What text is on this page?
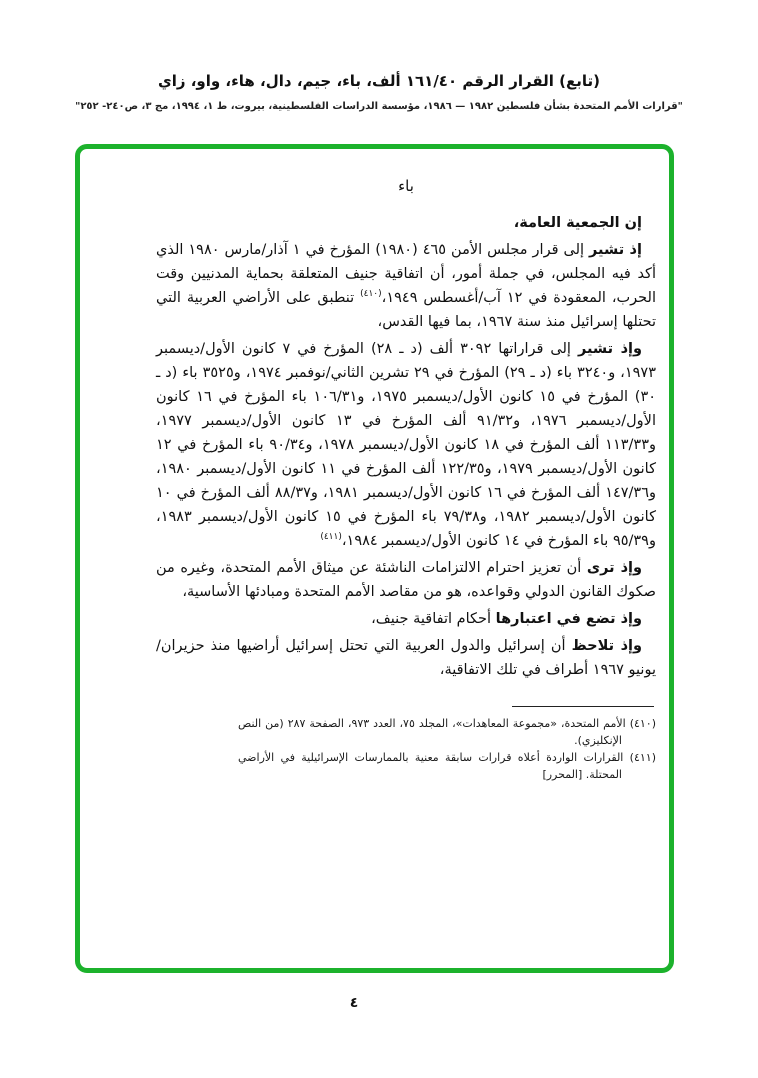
(تابع) القرار الرقم ١٦١/٤٠ ألف، باء، جيم، دال، هاء، واو، زاي
"قرارات الأمم المتحدة بشأن فلسطين ١٩٨٢ — ١٩٨٦، مؤسسة الدراسات الفلسطينية، بيروت، ط ١، ١٩٩٤، مج ٣، ص٢٤٠- ٢٥٢"
باء
إن الجمعية العامة،
إذ تشير إلى قرار مجلس الأمن ٤٦٥ (١٩٨٠) المؤرخ في ١ آذار/مارس ١٩٨٠ الذي أكد فيه المجلس، في جملة أمور، أن اتفاقية جنيف المتعلقة بحماية المدنيين وقت الحرب، المعقودة في ١٢ آب/أغسطس ١٩٤٩،$^{(٤١٠)}$ تنطبق على الأراضي العربية التي تحتلها إسرائيل منذ سنة ١٩٦٧، بما فيها القدس،
وإذ تشير إلى قراراتها ٣٠٩٢ ألف (د ـ ٢٨) المؤرخ في ٧ كانون الأول/ديسمبر ١٩٧٣، و٣٢٤٠ باء (د ـ ٢٩) المؤرخ في ٢٩ تشرين الثاني/نوفمبر ١٩٧٤، و٣٥٢٥ باء (د ـ ٣٠) المؤرخ في ١٥ كانون الأول/ديسمبر ١٩٧٥، و١٠٦/٣١ باء المؤرخ في ١٦ كانون الأول/ديسمبر ١٩٧٦، و٩١/٣٢ ألف المؤرخ في ١٣ كانون الأول/ديسمبر ١٩٧٧، و١١٣/٣٣ ألف المؤرخ في ١٨ كانون الأول/ديسمبر ١٩٧٨، و٩٠/٣٤ باء المؤرخ في ١٢ كانون الأول/ديسمبر ١٩٧٩، و١٢٢/٣٥ ألف المؤرخ في ١١ كانون الأول/ديسمبر ١٩٨٠، و١٤٧/٣٦ ألف المؤرخ في ١٦ كانون الأول/ديسمبر ١٩٨١، و٨٨/٣٧ ألف المؤرخ في ١٠ كانون الأول/ديسمبر ١٩٨٢، و٧٩/٣٨ باء المؤرخ في ١٥ كانون الأول/ديسمبر ١٩٨٣، و٩٥/٣٩ باء المؤرخ في ١٤ كانون الأول/ديسمبر ١٩٨٤،$^{(٤١١)}$
وإذ ترى أن تعزيز احترام الالتزامات الناشئة عن ميثاق الأمم المتحدة، وغيره من صكوك القانون الدولي وقواعده، هو من مقاصد الأمم المتحدة ومبادئها الأساسية،
وإذ تضع في اعتبارها أحكام اتفاقية جنيف،
وإذ تلاحظ أن إسرائيل والدول العربية التي تحتل إسرائيل أراضيها منذ حزيران/يونيو ١٩٦٧ أطراف في تلك الاتفاقية،
(٤١٠) الأمم المتحدة، «مجموعة المعاهدات»، المجلد ٧٥، العدد ٩٧٣، الصفحة ٢٨٧ (من النص الإنكليزي).
(٤١١) القرارات الواردة أعلاه قرارات سابقة معنية بالممارسات الإسرائيلية في الأراضي المحتلة. [المحرر]
٤
